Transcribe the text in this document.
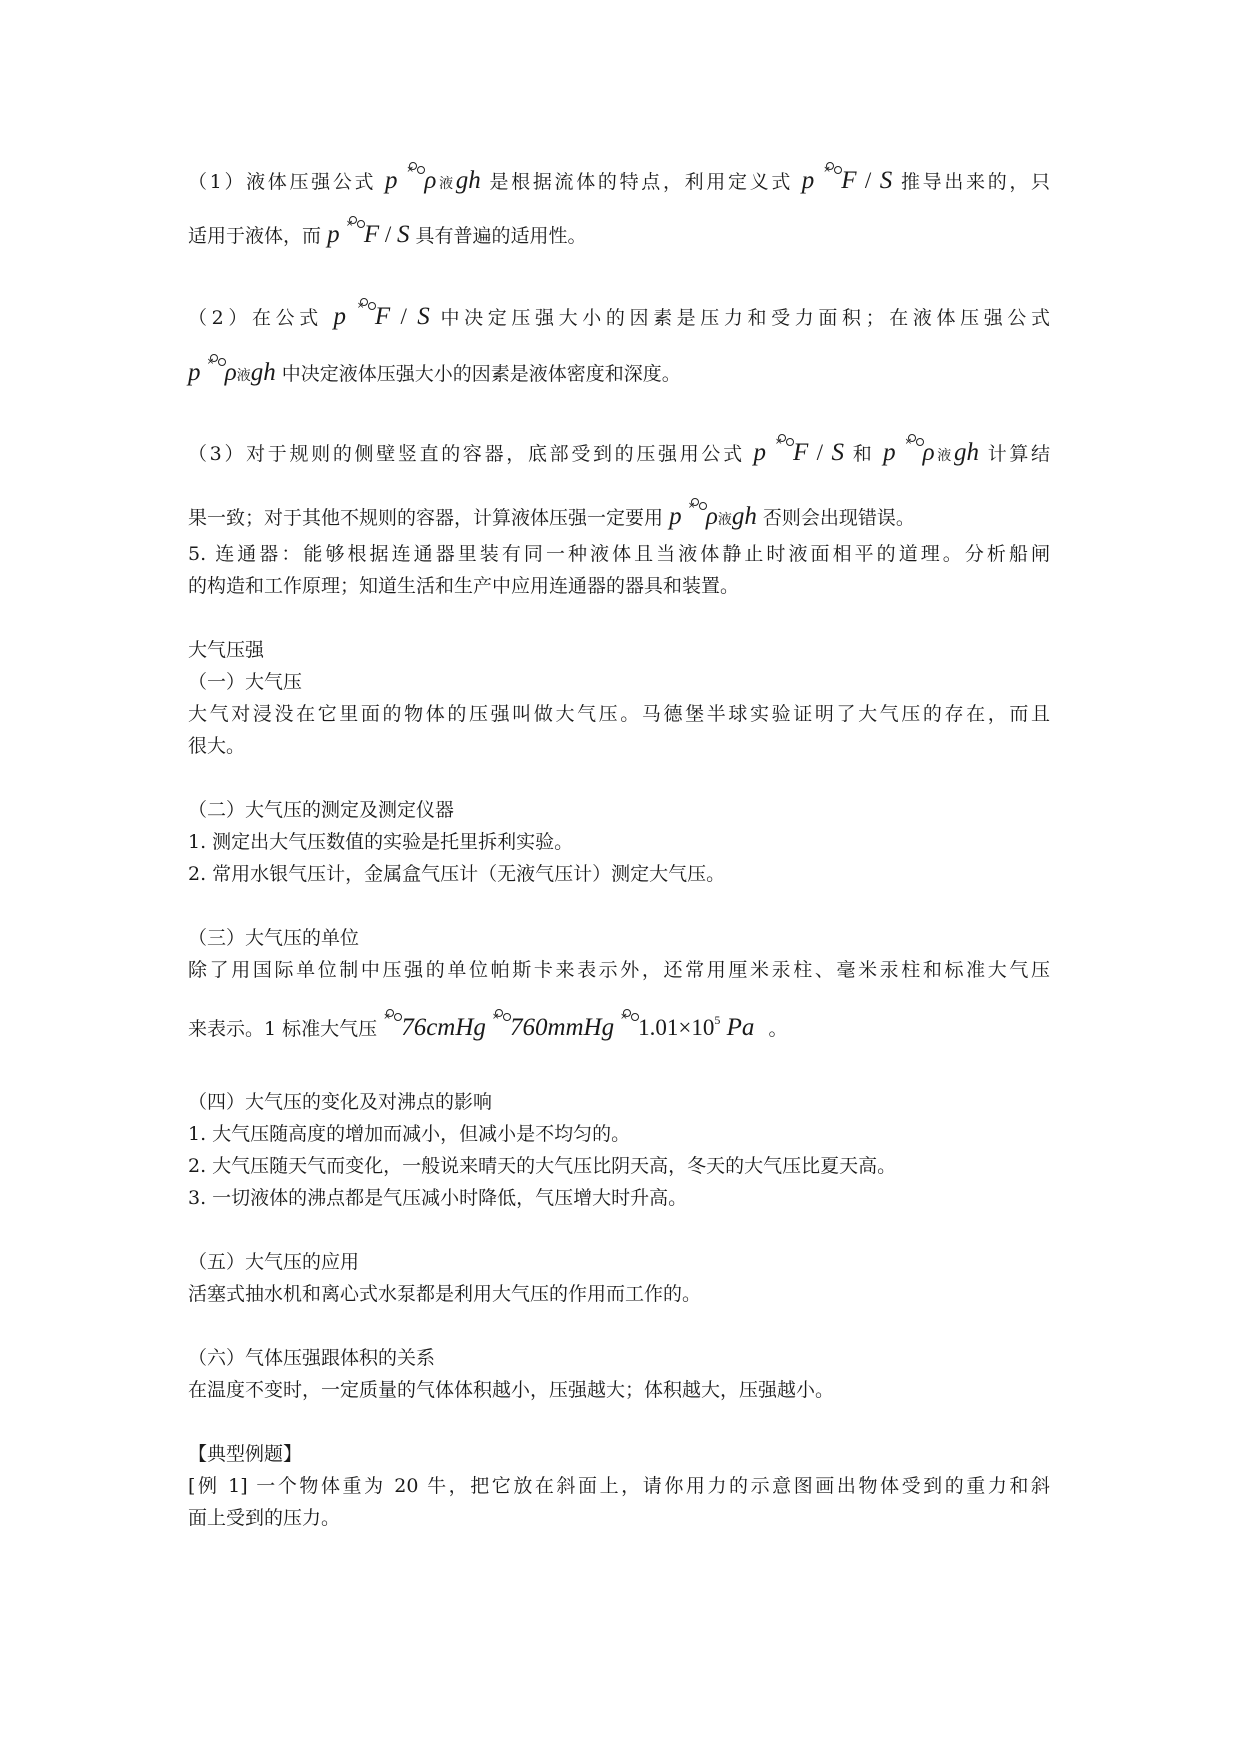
（1）液体压强公式 p × ρ液gh 是根据流体的特点，利用定义式 p × F / S 推导出来的，只
适用于液体，而 p × F / S 具有普遍的适用性。
（2）在公式 p × F / S 中决定压强大小的因素是压力和受力面积；在液体压强公式
p × ρ液gh 中决定液体压强大小的因素是液体密度和深度。
（3）对于规则的侧壁竖直的容器，底部受到的压强用公式 p × F / S 和 p × ρ液gh 计算结
果一致；对于其他不规则的容器，计算液体压强一定要用 p × ρ液gh 否则会出现错误。
5. 连通器：能够根据连通器里装有同一种液体且当液体静止时液面相平的道理。分析船闸
的构造和工作原理；知道生活和生产中应用连通器的器具和装置。
大气压强
（一）大气压
大气对浸没在它里面的物体的压强叫做大气压。马德堡半球实验证明了大气压的存在，而且
很大。
（二）大气压的测定及测定仪器
1. 测定出大气压数值的实验是托里拆利实验。
2. 常用水银气压计，金属盒气压计（无液气压计）测定大气压。
（三）大气压的单位
除了用国际单位制中压强的单位帕斯卡来表示外，还常用厘米汞柱、毫米汞柱和标准大气压
来表示。1 标准大气压
× 76cmHg × 760mmHg × $1.01\times 10^5$ Pa 。
（四）大气压的变化及对沸点的影响
1. 大气压随高度的增加而减小，但减小是不均匀的。
2. 大气压随天气而变化，一般说来晴天的大气压比阴天高，冬天的大气压比夏天高。
3. 一切液体的沸点都是气压减小时降低，气压增大时升高。
（五）大气压的应用
活塞式抽水机和离心式水泵都是利用大气压的作用而工作的。
（六）气体压强跟体积的关系
在温度不变时，一定质量的气体体积越小，压强越大；体积越大，压强越小。
【典型例题】
[例 1] 一个物体重为 20 牛，把它放在斜面上，请你用力的示意图画出物体受到的重力和斜
面上受到的压力。
